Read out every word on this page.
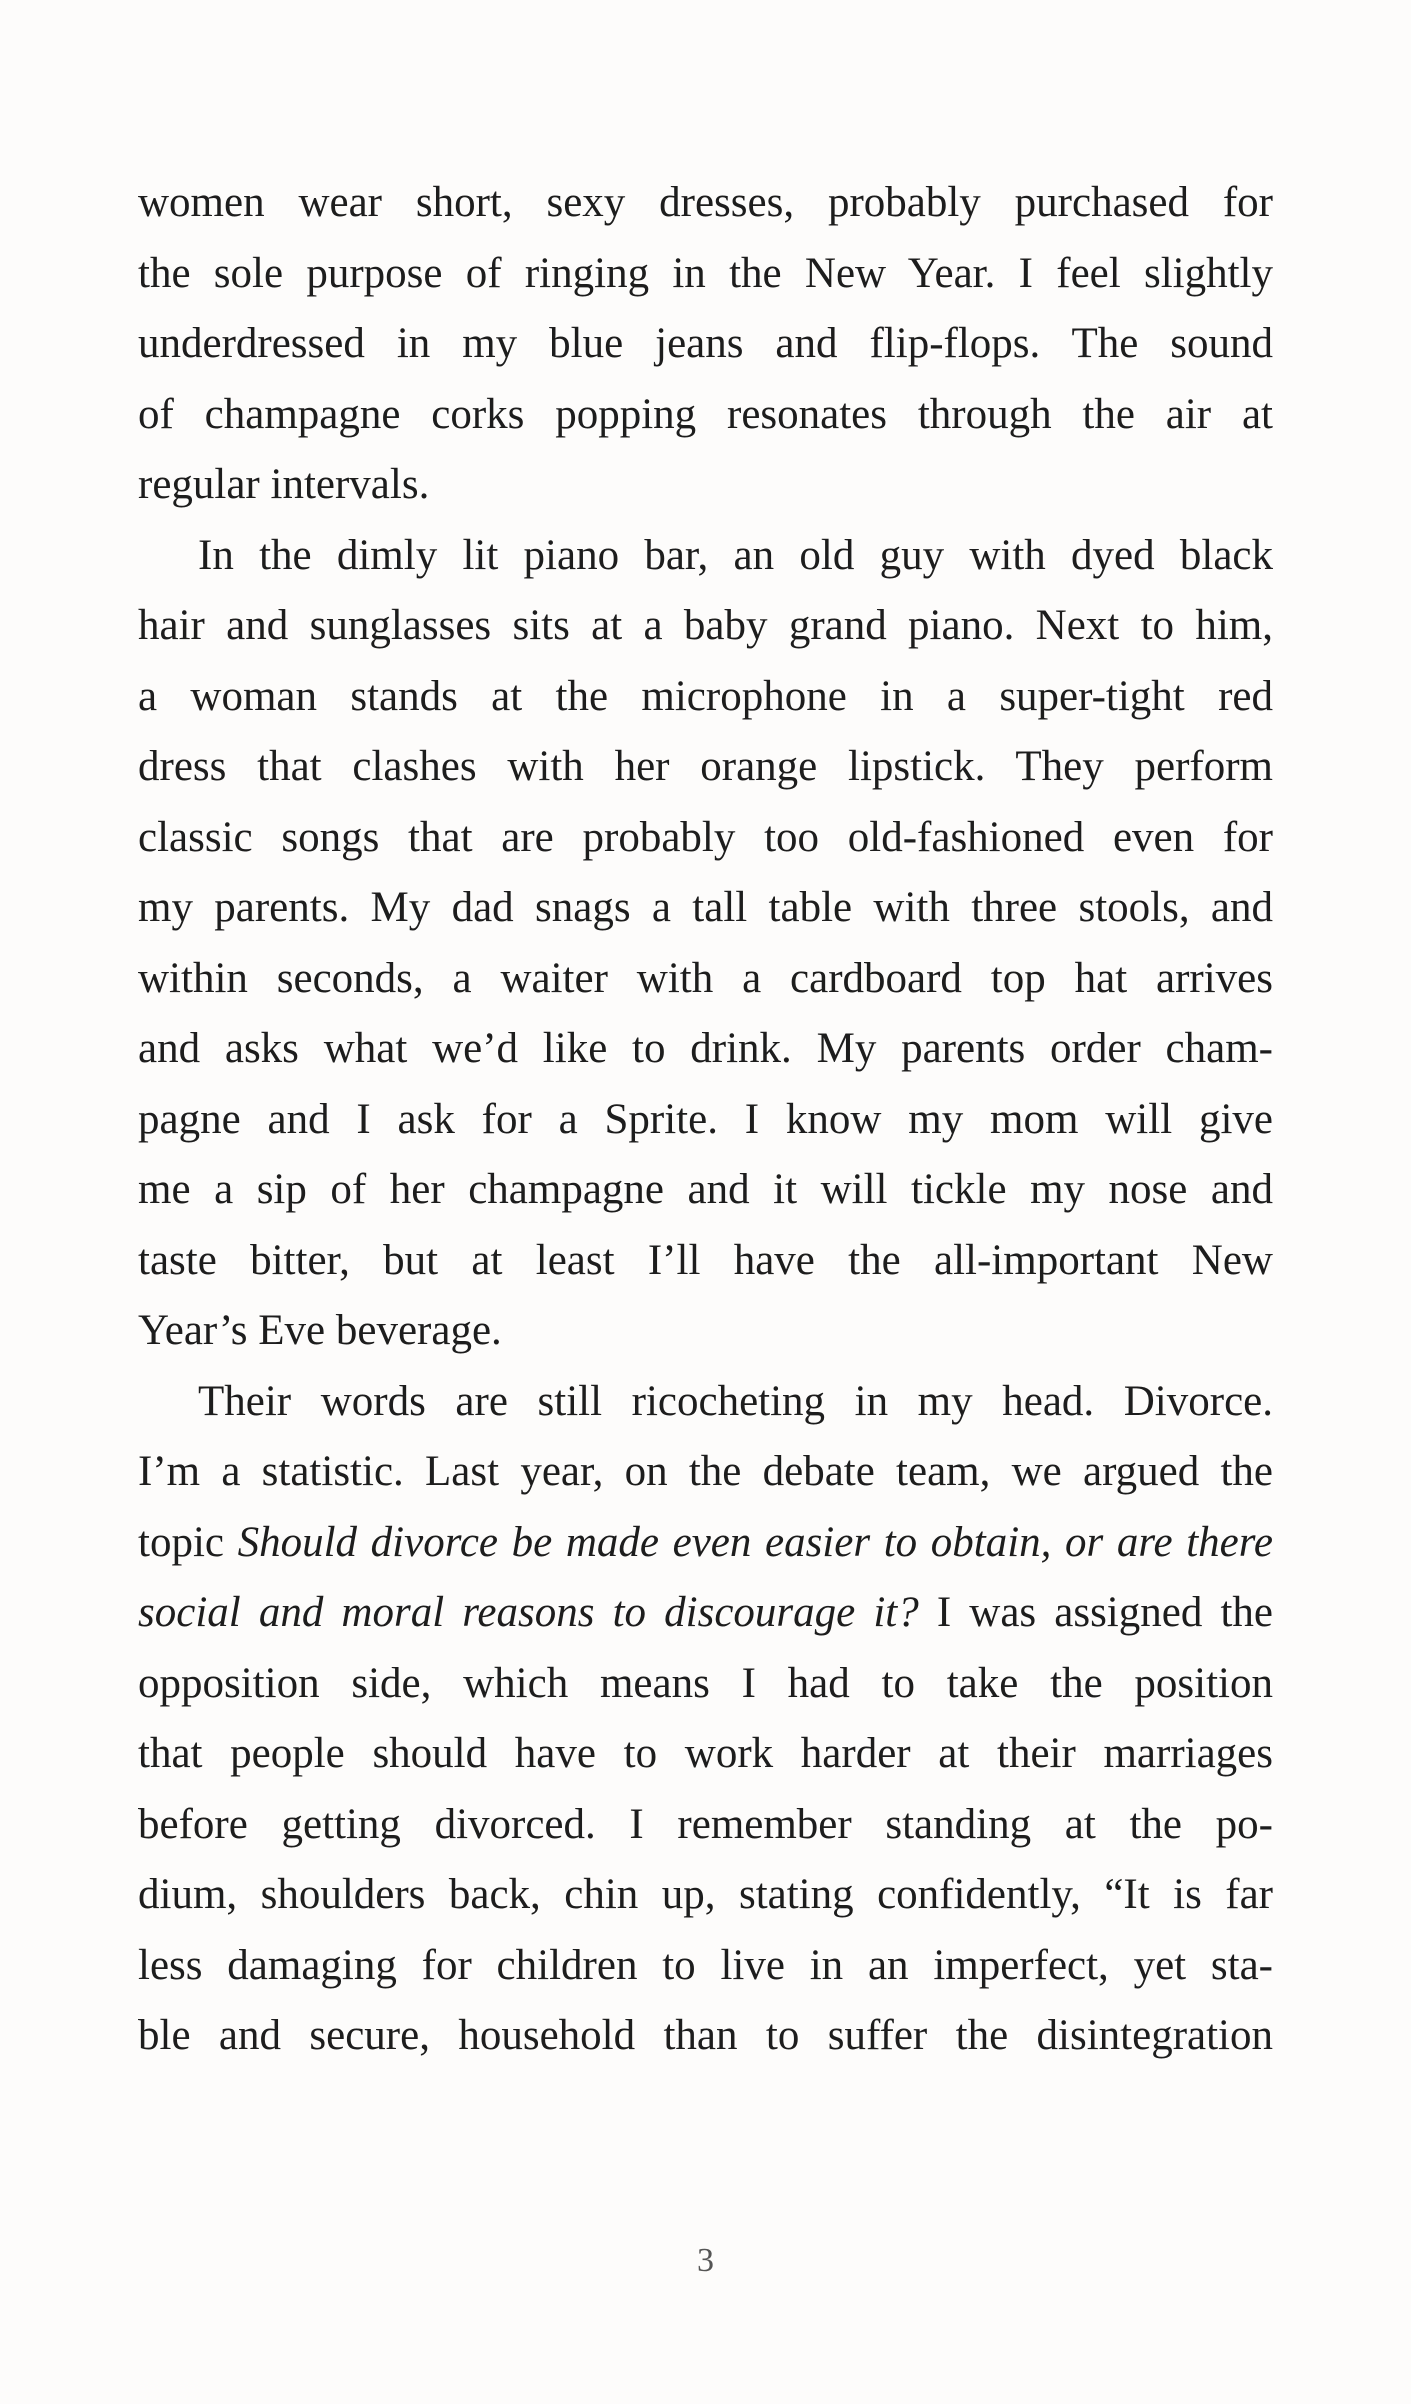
women wear short, sexy dresses, probably purchased for
the sole purpose of ringing in the New Year. I feel slightly
underdressed in my blue jeans and flip-flops. The sound
of champagne corks popping resonates through the air at
regular intervals.
In the dimly lit piano bar, an old guy with dyed black
hair and sunglasses sits at a baby grand piano. Next to him,
a woman stands at the microphone in a super-tight red
dress that clashes with her orange lipstick. They perform
classic songs that are probably too old-fashioned even for
my parents. My dad snags a tall table with three stools, and
within seconds, a waiter with a cardboard top hat arrives
and asks what we’d like to drink. My parents order cham-
pagne and I ask for a Sprite. I know my mom will give
me a sip of her champagne and it will tickle my nose and
taste bitter, but at least I’ll have the all-important New
Year’s Eve beverage.
Their words are still ricocheting in my head. Divorce.
I’m a statistic. Last year, on the debate team, we argued the
topic Should divorce be made even easier to obtain, or are there
social and moral reasons to discourage it? I was assigned the
opposition side, which means I had to take the position
that people should have to work harder at their marriages
before getting divorced. I remember standing at the po-
dium, shoulders back, chin up, stating confidently, “It is far
less damaging for children to live in an imperfect, yet sta-
ble and secure, household than to suffer the disintegration
3
